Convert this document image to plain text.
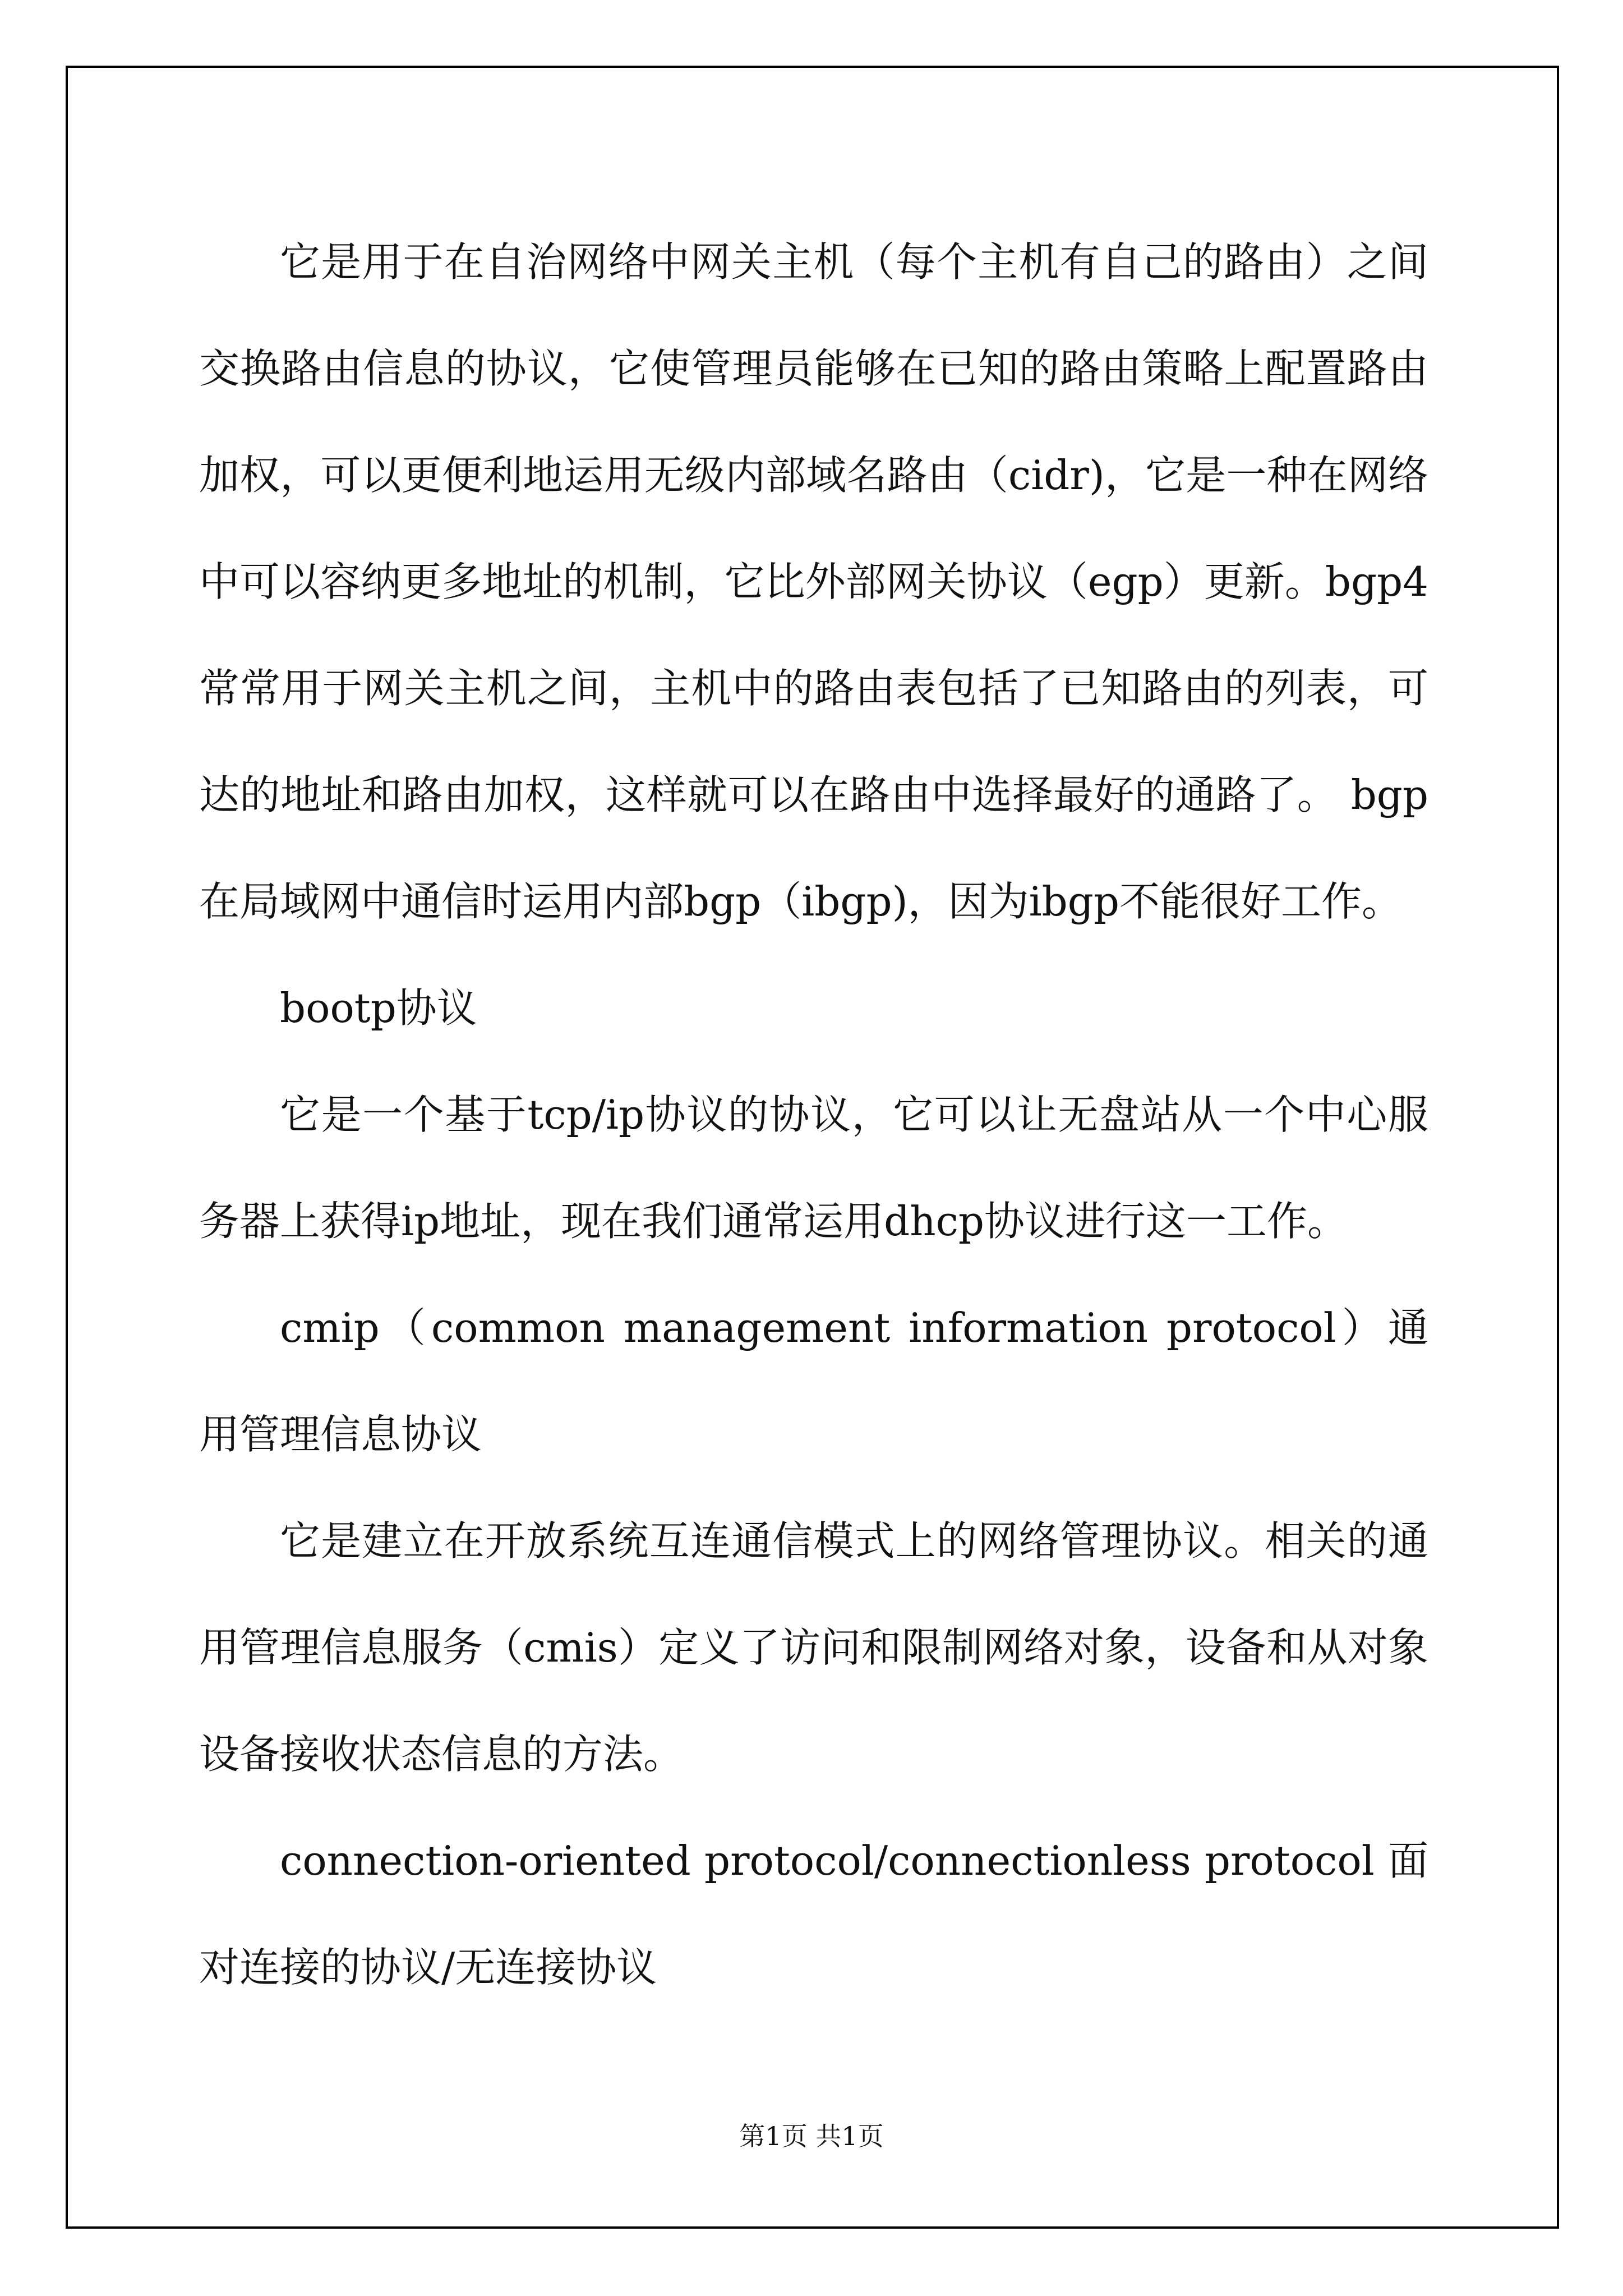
它是用于在自治网络中网关主机（每个主机有自己的路由）之间交换路由信息的协议，它使管理员能够在已知的路由策略上配置路由加权，可以更便利地运用无级内部域名路由（cidr)，它是一种在网络中可以容纳更多地址的机制，它比外部网关协议（egp）更新。bgp4常常用于网关主机之间，主机中的路由表包括了已知路由的列表，可达的地址和路由加权，这样就可以在路由中选择最好的通路了。 bgp在局域网中通信时运用内部bgp（ibgp)，因为ibgp不能很好工作。

bootp协议

它是一个基于tcp/ip协议的协议，它可以让无盘站从一个中心服务器上获得ip地址，现在我们通常运用dhcp协议进行这一工作。

cmip（common management information protocol）通用管理信息协议

它是建立在开放系统互连通信模式上的网络管理协议。相关的通用管理信息服务（cmis）定义了访问和限制网络对象，设备和从对象设备接收状态信息的方法。

connection-oriented protocol/connectionless protocol 面对连接的协议/无连接协议

第1页 共1页
